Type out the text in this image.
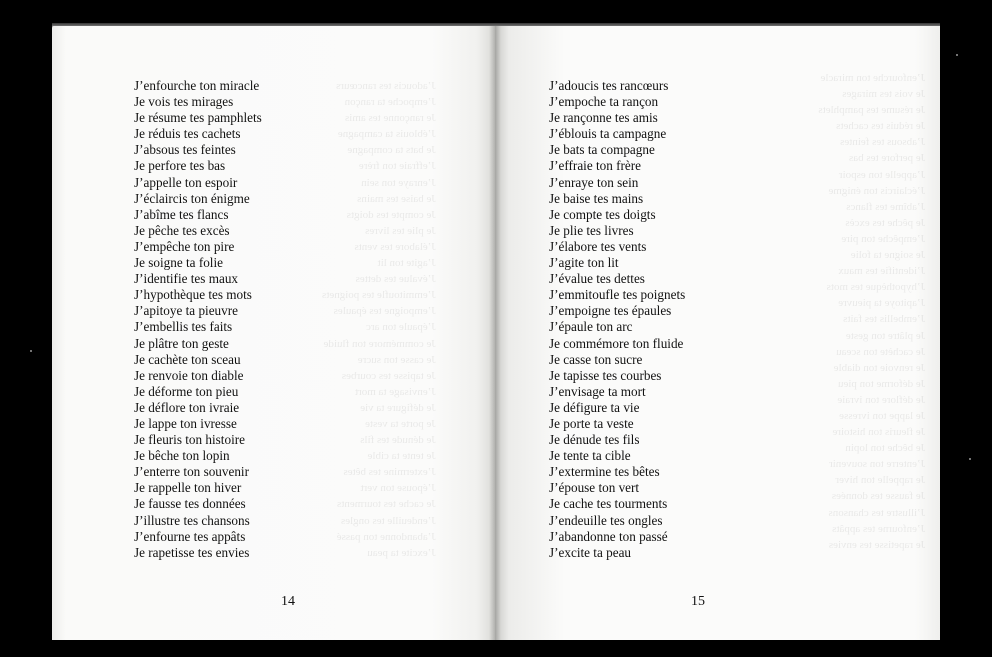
J’adoucis tes rancœurs
J’empoche ta rançon
Je rançonne tes amis
J’éblouis ta campagne
Je bats ta compagne
J’effraie ton frère
J’enraye ton sein
Je baise tes mains
Je compte tes doigts
Je plie tes livres
J’élabore tes vents
J’agite ton lit
J’évalue tes dettes
J’emmitoufle tes poignets
J’empoigne tes épaules
J’épaule ton arc
Je commémore ton fluide
Je casse ton sucre
Je tapisse tes courbes
J’envisage ta mort
Je défigure ta vie
Je porte ta veste
Je dénude tes fils
Je tente ta cible
J’extermine tes bêtes
J’épouse ton vert
Je cache tes tourments
J’endeuille tes ongles
J’abandonne ton passé
J’excite ta peau
J’enfourche ton miracle
Je vois tes mirages
Je résume tes pamphlets
Je réduis tes cachets
J’absous tes feintes
Je perfore tes bas
J’appelle ton espoir
J’éclaircis ton énigme
J’abîme tes flancs
Je pêche tes excès
J’empêche ton pire
Je soigne ta folie
J’identifie tes maux
J’hypothèque tes mots
J’apitoye ta pieuvre
J’embellis tes faits
Je plâtre ton geste
Je cachète ton sceau
Je renvoie ton diable
Je déforme ton pieu
Je déflore ton ivraie
Je lappe ton ivresse
Je fleuris ton histoire
Je bêche ton lopin
J’enterre ton souvenir
Je rappelle ton hiver
Je fausse tes données
J’illustre tes chansons
J’enfourne tes appâts
Je rapetisse tes envies
14
J’enfourche ton miracle
Je vois tes mirages
Je résume tes pamphlets
Je réduis tes cachets
J’absous tes feintes
Je perfore tes bas
J’appelle ton espoir
J’éclaircis ton énigme
J’abîme tes flancs
Je pêche tes excès
J’empêche ton pire
Je soigne ta folie
J’identifie tes maux
J’hypothèque tes mots
J’apitoye ta pieuvre
J’embellis tes faits
Je plâtre ton geste
Je cachète ton sceau
Je renvoie ton diable
Je déforme ton pieu
Je déflore ton ivraie
Je lappe ton ivresse
Je fleuris ton histoire
Je bêche ton lopin
J’enterre ton souvenir
Je rappelle ton hiver
Je fausse tes données
J’illustre tes chansons
J’enfourne tes appâts
Je rapetisse tes envies
J’adoucis tes rancœurs
J’empoche ta rançon
Je rançonne tes amis
J’éblouis ta campagne
Je bats ta compagne
J’effraie ton frère
J’enraye ton sein
Je baise tes mains
Je compte tes doigts
Je plie tes livres
J’élabore tes vents
J’agite ton lit
J’évalue tes dettes
J’emmitoufle tes poignets
J’empoigne tes épaules
J’épaule ton arc
Je commémore ton fluide
Je casse ton sucre
Je tapisse tes courbes
J’envisage ta mort
Je défigure ta vie
Je porte ta veste
Je dénude tes fils
Je tente ta cible
J’extermine tes bêtes
J’épouse ton vert
Je cache tes tourments
J’endeuille tes ongles
J’abandonne ton passé
J’excite ta peau
15
